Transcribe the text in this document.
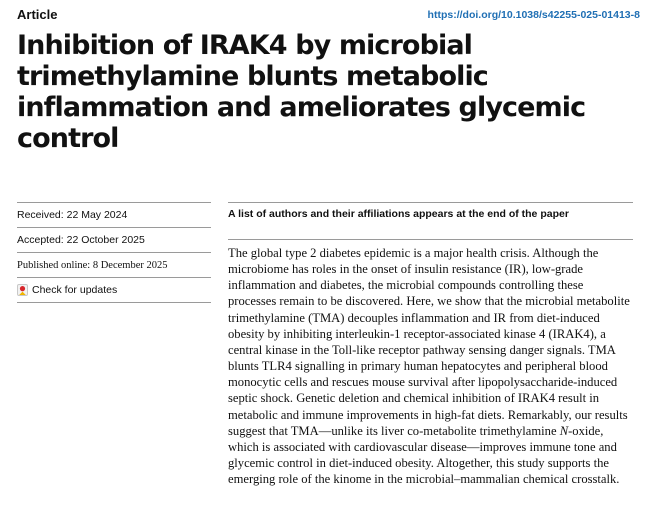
Article	https://doi.org/10.1038/s42255-025-01413-8
Inhibition of IRAK4 by microbial trimethylamine blunts metabolic inflammation and ameliorates glycemic control
Received: 22 May 2024
Accepted: 22 October 2025
Published online: 8 December 2025
Check for updates
A list of authors and their affiliations appears at the end of the paper

The global type 2 diabetes epidemic is a major health crisis. Although the microbiome has roles in the onset of insulin resistance (IR), low-grade inflammation and diabetes, the microbial compounds controlling these processes remain to be discovered. Here, we show that the microbial metabolite trimethylamine (TMA) decouples inflammation and IR from diet-induced obesity by inhibiting interleukin-1 receptor-associated kinase 4 (IRAK4), a central kinase in the Toll-like receptor pathway sensing danger signals. TMA blunts TLR4 signalling in primary human hepatocytes and peripheral blood monocytic cells and rescues mouse survival after lipopolysaccharide-induced septic shock. Genetic deletion and chemical inhibition of IRAK4 result in metabolic and immune improvements in high-fat diets. Remarkably, our results suggest that TMA—unlike its liver co-metabolite trimethylamine N-oxide, which is associated with cardiovascular disease—improves immune tone and glycemic control in diet-induced obesity. Altogether, this study supports the emerging role of the kinome in the microbial–mammalian chemical crosstalk.
